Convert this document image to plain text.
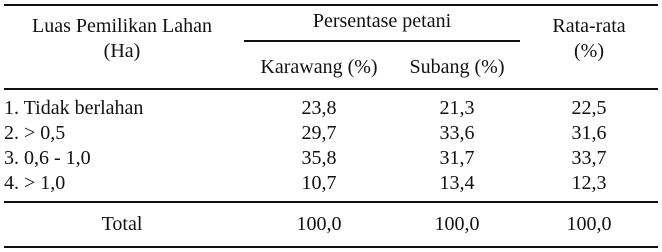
Luas Pemilikan Lahan
(Ha)
Persentase petani
Karawang (%)	Subang (%)
Rata-rata
(%)
1. Tidak berlahan	23,8	21,3	22,5
2. > 0,5	29,7	33,6	31,6
3. 0,6 - 1,0	35,8	31,7	33,7
4. > 1,0	10,7	13,4	12,3
Total	100,0	100,0	100,0
